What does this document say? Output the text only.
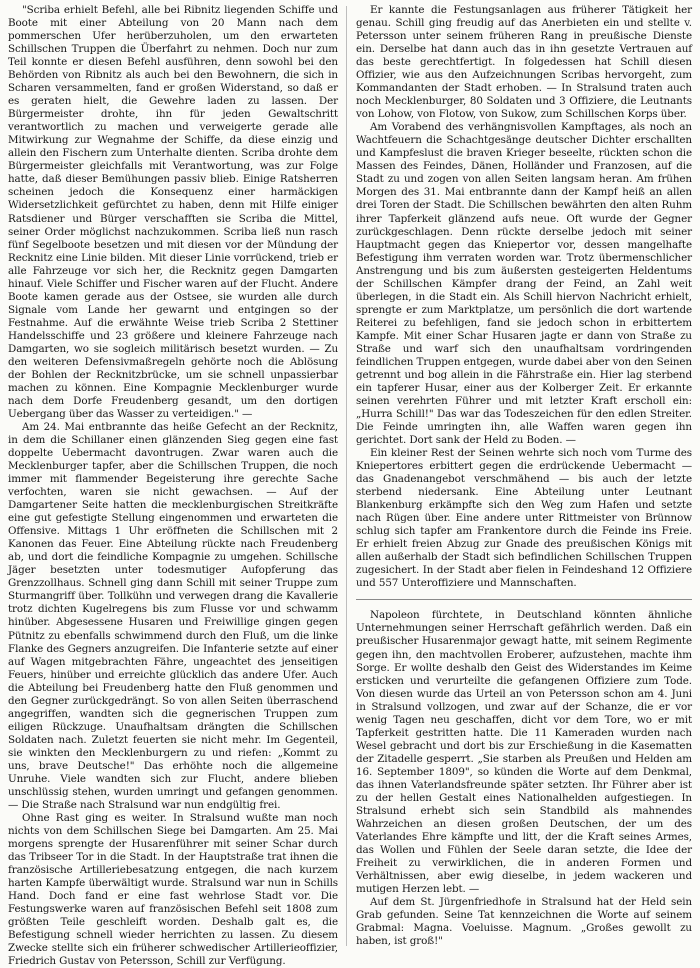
"Scriba erhielt Befehl, alle bei Ribnitz liegenden Schiffe und Boote mit einer Abteilung von 20 Mann nach dem pommerschen Ufer herüberzuholen, um den erwarteten Schillschen Truppen die Überfahrt zu nehmen. Doch nur zum Teil konnte er diesen Befehl ausführen, denn sowohl bei den Behörden von Ribnitz als auch bei den Bewohnern, die sich in Scharen versammelten, fand er großen Widerstand, so daß er es geraten hielt, die Gewehre laden zu lassen. Der Bürgermeister drohte, ihn für jeden Gewaltschritt verantwortlich zu machen und verweigerte gerade alle Mitwirkung zur Wegnahme der Schiffe, da diese einzig und allein den Fischern zum Unterhalte dienten. Scriba drohte dem Bürgermeister gleichfalls mit Verantwortung, was zur Folge hatte, daß dieser Bemühungen passiv blieb. Einige Ratsherren scheinen jedoch die Konsequenz einer harmäckigen Widersetzlichkeit gefürchtet zu haben, denn mit Hilfe einiger Ratsdiener und Bürger verschafften sie Scriba die Mittel, seiner Order möglichst nachzukommen. Scriba ließ nun rasch fünf Segelboote besetzen und mit diesen vor der Mündung der Recknitz eine Linie bilden. Mit dieser Linie vorrückend, trieb er alle Fahrzeuge vor sich her, die Recknitz gegen Damgarten hinauf. Viele Schiffer und Fischer waren auf der Flucht. Andere Boote kamen gerade aus der Ostsee, sie wurden alle durch Signale vom Lande her gewarnt und entgingen so der Festnahme. Auf die erwähnte Weise trieb Scriba 2 Stettiner Handelsschiffe und 23 größere und kleinere Fahrzeuge nach Damgarten, wo sie sogleich militärisch besetzt wurden. — Zu den weiteren Defensivmaßregeln gehörte noch die Ablösung der Bohlen der Recknitzbrücke, um sie schnell unpassierbar machen zu können. Eine Kompagnie Mecklenburger wurde nach dem Dorfe Freudenberg gesandt, um den dortigen Uebergang über das Wasser zu verteidigen." —

Am 24. Mai entbrannte das heiße Gefecht an der Recknitz, in dem die Schillaner einen glänzenden Sieg gegen eine fast doppelte Uebermacht davontrugen. Zwar waren auch die Mecklenburger tapfer, aber die Schillschen Truppen, die noch immer mit flammender Begeisterung ihre gerechte Sache verfochten, waren sie nicht gewachsen. — Auf der Damgartener Seite hatten die mecklenburgischen Streitkräfte eine gut gefestigte Stellung eingenommen und erwarteten die Offensive. Mittags 1 Uhr eröffneten die Schillschen mit 2 Kanonen das Feuer. Eine Abteilung rückte nach Freudenberg ab, und dort die feindliche Kompagnie zu umgehen. Schillsche Jäger besetzten unter todesmutiger Aufopferung das Grenzzollhaus. Schnell ging dann Schill mit seiner Truppe zum Sturmangriff über. Tollkühn und verwegen drang die Kavallerie trotz dichten Kugelregens bis zum Flusse vor und schwamm hinüber. Abgesessene Husaren und Freiwillige gingen gegen Pütnitz zu ebenfalls schwimmend durch den Fluß, um die linke Flanke des Gegners anzugreifen. Die Infanterie setzte auf einer auf Wagen mitgebrachten Fähre, ungeachtet des jenseitigen Feuers, hinüber und erreichte glücklich das andere Ufer. Auch die Abteilung bei Freudenberg hatte den Fluß genommen und den Gegner zurückgedrängt. So von allen Seiten überraschend angegriffen, wandten sich die gegnerischen Truppen zum eiligen Rückzuge. Unaufhaltsam drängten die Schillschen Soldaten nach. Zuletzt feuerten sie nicht mehr. Im Gegenteil, sie winkten den Mecklenburgern zu und riefen: „Kommt zu uns, brave Deutsche!" Das erhöhte noch die allgemeine Unruhe. Viele wandten sich zur Flucht, andere blieben unschlüssig stehen, wurden umringt und gefangen genommen. — Die Straße nach Stralsund war nun endgültig frei.

Ohne Rast ging es weiter. In Stralsund wußte man noch nichts von dem Schillschen Siege bei Damgarten. Am 25. Mai morgens sprengte der Husarenführer mit seiner Schar durch das Tribseer Tor in die Stadt. In der Hauptstraße trat ihnen die französische Artilleriebesatzung entgegen, die nach kurzem harten Kampfe überwältigt wurde. Stralsund war nun in Schills Hand. Doch fand er eine fast wehrlose Stadt vor. Die Festungswerke waren auf französischen Befehl seit 1808 zum größten Teile geschleift worden. Deshalb galt es, die Befestigung schnell wieder herrichten zu lassen. Zu diesem Zwecke stellte sich ein früherer schwedischer Artillerieoffizier, Friedrich Gustav von Petersson, Schill zur Verfügung.

Er kannte die Festungsanlagen aus früherer Tätigkeit her genau. Schill ging freudig auf das Anerbieten ein und stellte v. Petersson unter seinem früheren Rang in preußische Dienste ein. Derselbe hat dann auch das in ihn gesetzte Vertrauen auf das beste gerechtfertigt. In folgedessen hat Schill diesen Offizier, wie aus den Aufzeichnungen Scribas hervorgeht, zum Kommandanten der Stadt erhoben. — In Stralsund traten auch noch Mecklenburger, 80 Soldaten und 3 Offiziere, die Leutnants von Lohow, von Flotow, von Sukow, zum Schillschen Korps über.

Am Vorabend des verhängnisvollen Kampftages, als noch an Wachtfeuern die Schachtgesänge deutscher Dichter erschallten und Kampfeslust die braven Krieger beseelte, rückten schon die Massen des Feindes, Dänen, Holländer und Franzosen, auf die Stadt zu und zogen von allen Seiten langsam heran. Am frühen Morgen des 31. Mai entbrannte dann der Kampf heiß an allen drei Toren der Stadt. Die Schillschen bewährten den alten Ruhm ihrer Tapferkeit glänzend aufs neue. Oft wurde der Gegner zurückgeschlagen. Denn rückte derselbe jedoch mit seiner Hauptmacht gegen das Kniepertor vor, dessen mangelhafte Befestigung ihm verraten worden war. Trotz übermenschlicher Anstrengung und bis zum äußersten gesteigerten Heldentums der Schillschen Kämpfer drang der Feind, an Zahl weit überlegen, in die Stadt ein. Als Schill hiervon Nachricht erhielt, sprengte er zum Marktplatze, um persönlich die dort wartende Reiterei zu befehligen, fand sie jedoch schon in erbittertem Kampfe. Mit einer Schar Husaren jagte er dann von Straße zu Straße und warf sich den unaufhaltsam vordringenden feindlichen Truppen entgegen, wurde dabei aber von den Seinen getrennt und bog allein in die Fährstraße ein. Hier lag sterbend ein tapferer Husar, einer aus der Kolberger Zeit. Er erkannte seinen verehrten Führer und mit letzter Kraft erscholl ein: „Hurra Schill!" Das war das Todeszeichen für den edlen Streiter. Die Feinde umringten ihn, alle Waffen waren gegen ihn gerichtet. Dort sank der Held zu Boden. —

Ein kleiner Rest der Seinen wehrte sich noch vom Turme des Kniepertores erbittert gegen die erdrückende Uebermacht — das Gnadenangebot verschmähend — bis auch der letzte sterbend niedersank. Eine Abteilung unter Leutnant Blankenburg erkämpfte sich den Weg zum Hafen und setzte nach Rügen über. Eine andere unter Rittmeister von Brünnow schlug sich tapfer am Frankentore durch die Feinde ins Freie. Er erhielt freien Abzug zur Gnade des preußischen Königs mit allen außerhalb der Stadt sich befindlichen Schillschen Truppen zugesichert. In der Stadt aber fielen in Feindeshand 12 Offiziere und 557 Unteroffiziere und Mannschaften.

Napoleon fürchtete, in Deutschland könnten ähnliche Unternehmungen seiner Herrschaft gefährlich werden. Daß ein preußischer Husarenmajor gewagt hatte, mit seinem Regimente gegen ihn, den machtvollen Eroberer, aufzustehen, machte ihm Sorge. Er wollte deshalb den Geist des Widerstandes im Keime ersticken und verurteilte die gefangenen Offiziere zum Tode. Von diesen wurde das Urteil an von Petersson schon am 4. Juni in Stralsund vollzogen, und zwar auf der Schanze, die er vor wenig Tagen neu geschaffen, dicht vor dem Tore, wo er mit Tapferkeit gestritten hatte. Die 11 Kameraden wurden nach Wesel gebracht und dort bis zur Erschießung in die Kasematten der Zitadelle gesperrt. „Sie starben als Preußen und Helden am 16. September 1809", so künden die Worte auf dem Denkmal, das ihnen Vaterlandsfreunde später setzten. Ihr Führer aber ist zu der hellen Gestalt eines Nationalhelden aufgestiegen. In Stralsund erhebt sich sein Standbild als mahnendes Wahrzeichen an diesen großen Deutschen, der um des Vaterlandes Ehre kämpfte und litt, der die Kraft seines Armes, das Wollen und Fühlen der Seele daran setzte, die Idee der Freiheit zu verwirklichen, die in anderen Formen und Verhältnissen, aber ewig dieselbe, in jedem wackeren und mutigen Herzen lebt. —

Auf dem St. Jürgenfriedhofe in Stralsund hat der Held sein Grab gefunden. Seine Tat kennzeichnen die Worte auf seinem Grabmal: Magna. Voeluisse. Magnum. „Großes gewollt zu haben, ist groß!"
